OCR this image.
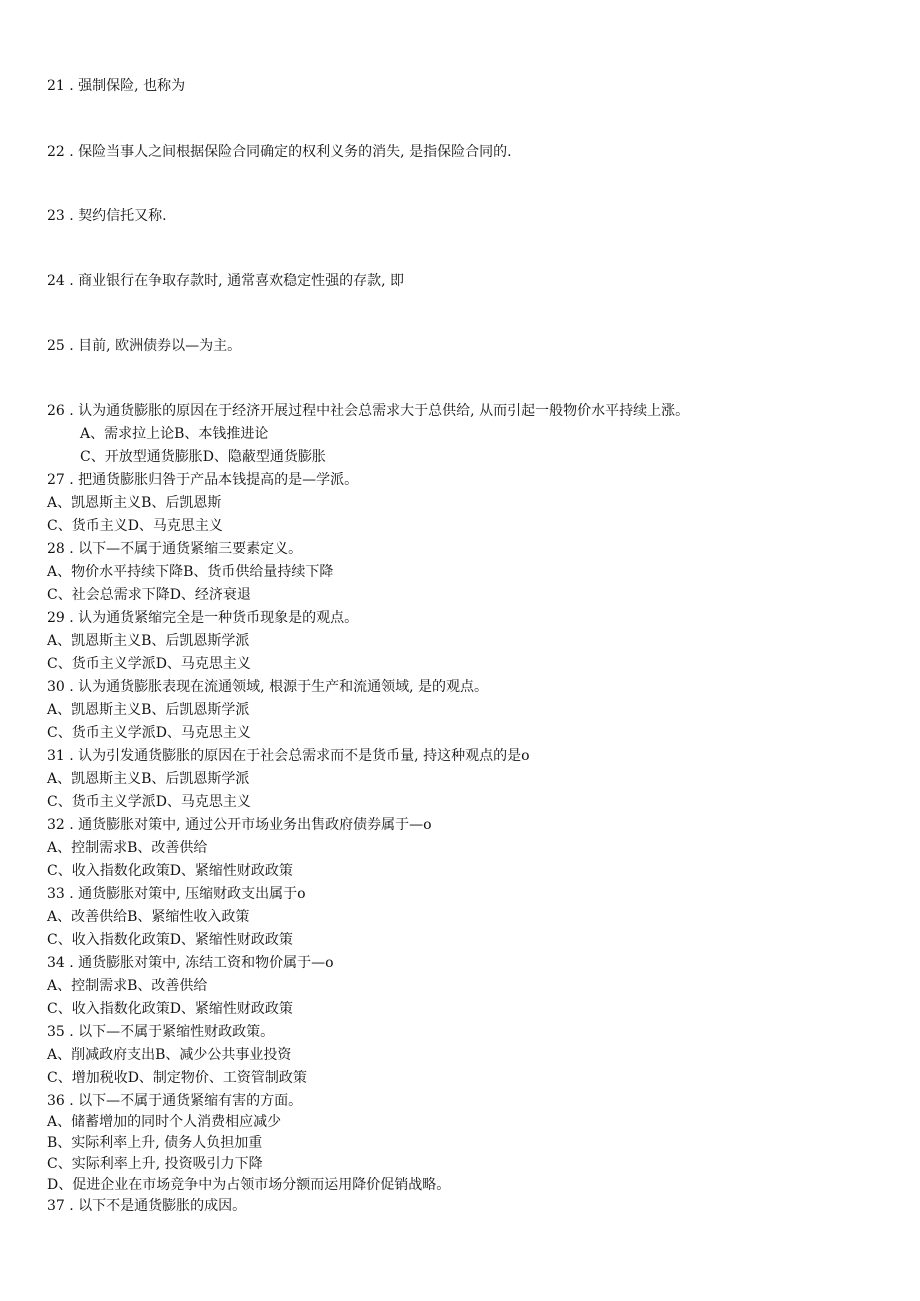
21 . 强制保险, 也称为
22 . 保险当事人之间根据保险合同确定的权利义务的消失, 是指保险合同的.
23 . 契约信托又称.
24 . 商业银行在争取存款时, 通常喜欢稳定性强的存款, 即
25 . 目前, 欧洲债券以—为主。
26 . 认为通货膨胀的原因在于经济开展过程中社会总需求大于总供给, 从而引起一般物价水平持续上涨。
A、需求拉上论B、本钱推进论
C、开放型通货膨胀D、隐蔽型通货膨胀
27 . 把通货膨胀归咎于产品本钱提高的是—学派。
A、凯恩斯主义B、后凯恩斯
C、货币主义D、马克思主义
28 . 以下—不属于通货紧缩三要素定义。
A、物价水平持续下降B、货币供给量持续下降
C、社会总需求下降D、经济衰退
29 . 认为通货紧缩完全是一种货币现象是的观点。
A、凯恩斯主义B、后凯恩斯学派
C、货币主义学派D、马克思主义
30 . 认为通货膨胀表现在流通领域, 根源于生产和流通领域, 是的观点。
A、凯恩斯主义B、后凯恩斯学派
C、货币主义学派D、马克思主义
31 . 认为引发通货膨胀的原因在于社会总需求而不是货币量, 持这种观点的是o
A、凯恩斯主义B、后凯恩斯学派
C、货币主义学派D、马克思主义
32 . 通货膨胀对策中, 通过公开市场业务出售政府债券属于—o
A、控制需求B、改善供给
C、收入指数化政策D、紧缩性财政政策
33 . 通货膨胀对策中, 压缩财政支出属于o
A、改善供给B、紧缩性收入政策
C、收入指数化政策D、紧缩性财政政策
34 . 通货膨胀对策中, 冻结工资和物价属于—o
A、控制需求B、改善供给
C、收入指数化政策D、紧缩性财政政策
35 . 以下—不属于紧缩性财政政策。
A、削减政府支出B、减少公共事业投资
C、增加税收D、制定物价、工资管制政策
36 . 以下—不属于通货紧缩有害的方面。
A、储蓄增加的同时个人消费相应减少
B、实际利率上升, 债务人负担加重
C、实际利率上升, 投资吸引力下降
D、促进企业在市场竞争中为占领市场分额而运用降价促销战略。
37 . 以下不是通货膨胀的成因。
